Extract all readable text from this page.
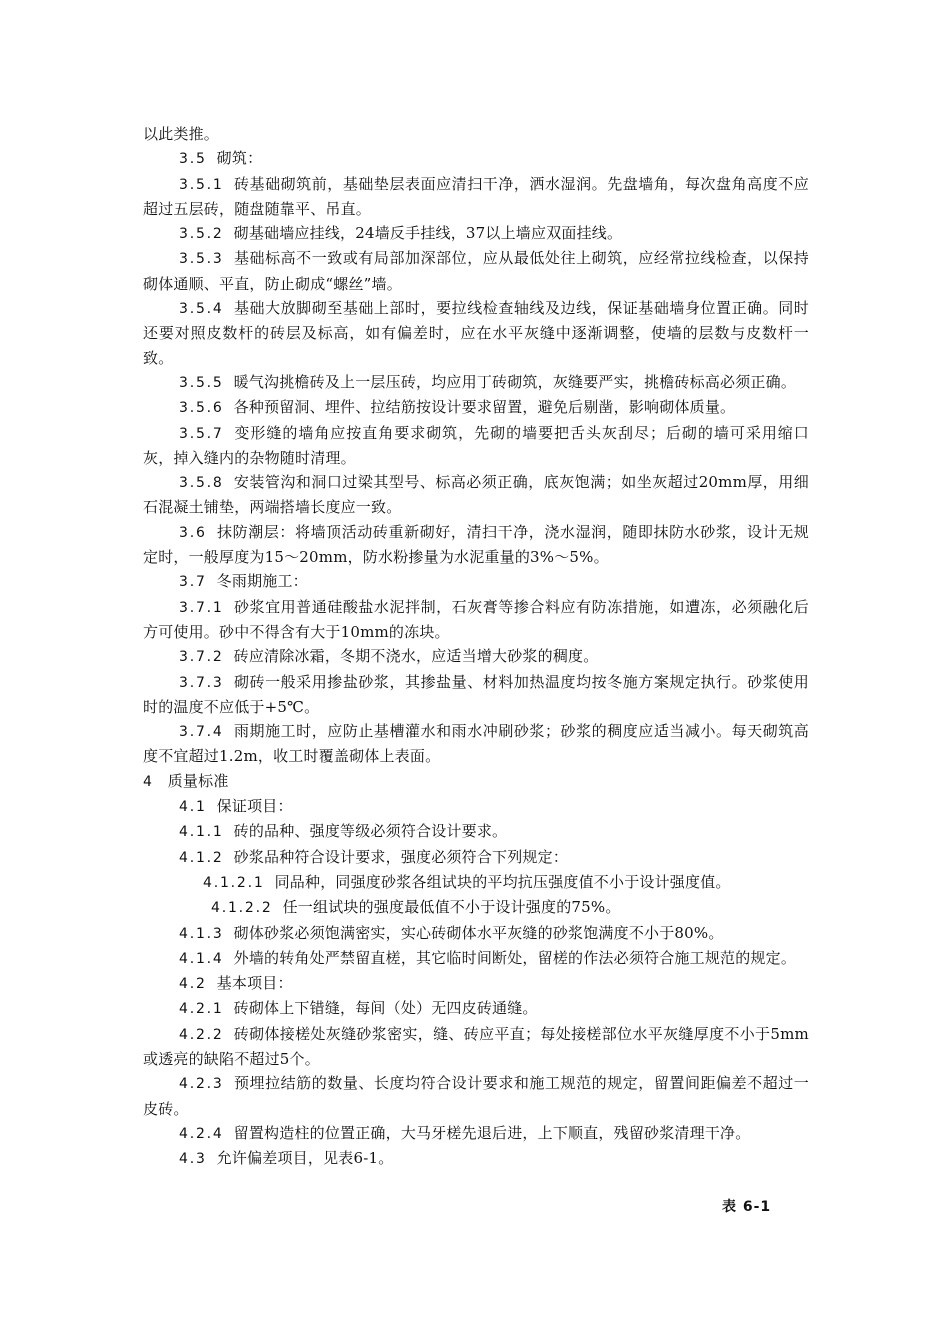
以此类推。

3.5 砌筑：

3.5.1 砖基础砌筑前，基础垫层表面应清扫干净，洒水湿润。先盘墙角，每次盘角高度不应超过五层砖，随盘随靠平、吊直。

3.5.2 砌基础墙应挂线，24墙反手挂线，37以上墙应双面挂线。

3.5.3 基础标高不一致或有局部加深部位，应从最低处往上砌筑，应经常拉线检查，以保持砌体通顺、平直，防止砌成“螺丝”墙。

3.5.4 基础大放脚砌至基础上部时，要拉线检查轴线及边线，保证基础墙身位置正确。同时还要对照皮数杆的砖层及标高，如有偏差时，应在水平灰缝中逐渐调整，使墙的层数与皮数杆一致。

3.5.5 暖气沟挑檐砖及上一层压砖，均应用丁砖砌筑，灰缝要严实，挑檐砖标高必须正确。

3.5.6 各种预留洞、埋件、拉结筋按设计要求留置，避免后剔凿，影响砌体质量。

3.5.7 变形缝的墙角应按直角要求砌筑，先砌的墙要把舌头灰刮尽；后砌的墙可采用缩口灰，掉入缝内的杂物随时清理。

3.5.8 安装管沟和洞口过梁其型号、标高必须正确，底灰饱满；如坐灰超过20mm厚，用细石混凝土铺垫，两端搭墙长度应一致。

3.6 抹防潮层：将墙顶活动砖重新砌好，清扫干净，浇水湿润，随即抹防水砂浆，设计无规定时，一般厚度为15～20mm，防水粉掺量为水泥重量的3%～5%。

3.7 冬雨期施工：

3.7.1 砂浆宜用普通硅酸盐水泥拌制，石灰膏等掺合料应有防冻措施，如遭冻，必须融化后方可使用。砂中不得含有大于10mm的冻块。

3.7.2 砖应清除冰霜，冬期不浇水，应适当增大砂浆的稠度。

3.7.3 砌砖一般采用掺盐砂浆，其掺盐量、材料加热温度均按冬施方案规定执行。砂浆使用时的温度不应低于+5℃。

3.7.4 雨期施工时，应防止基槽灌水和雨水冲刷砂浆；砂浆的稠度应适当减小。每天砌筑高度不宜超过1.2m，收工时覆盖砌体上表面。

4 质量标准

4.1 保证项目：

4.1.1 砖的品种、强度等级必须符合设计要求。

4.1.2 砂浆品种符合设计要求，强度必须符合下列规定：

4.1.2.1 同品种，同强度砂浆各组试块的平均抗压强度值不小于设计强度值。

4.1.2.2 任一组试块的强度最低值不小于设计强度的75%。

4.1.3 砌体砂浆必须饱满密实，实心砖砌体水平灰缝的砂浆饱满度不小于80%。

4.1.4 外墙的转角处严禁留直槎，其它临时间断处，留槎的作法必须符合施工规范的规定。

4.2 基本项目：

4.2.1 砖砌体上下错缝，每间（处）无四皮砖通缝。

4.2.2 砖砌体接槎处灰缝砂浆密实，缝、砖应平直；每处接槎部位水平灰缝厚度不小于5mm或透亮的缺陷不超过5个。

4.2.3 预埋拉结筋的数量、长度均符合设计要求和施工规范的规定，留置间距偏差不超过一皮砖。

4.2.4 留置构造柱的位置正确，大马牙槎先退后进，上下顺直，残留砂浆清理干净。

4.3 允许偏差项目，见表6-1。

表 6-1
